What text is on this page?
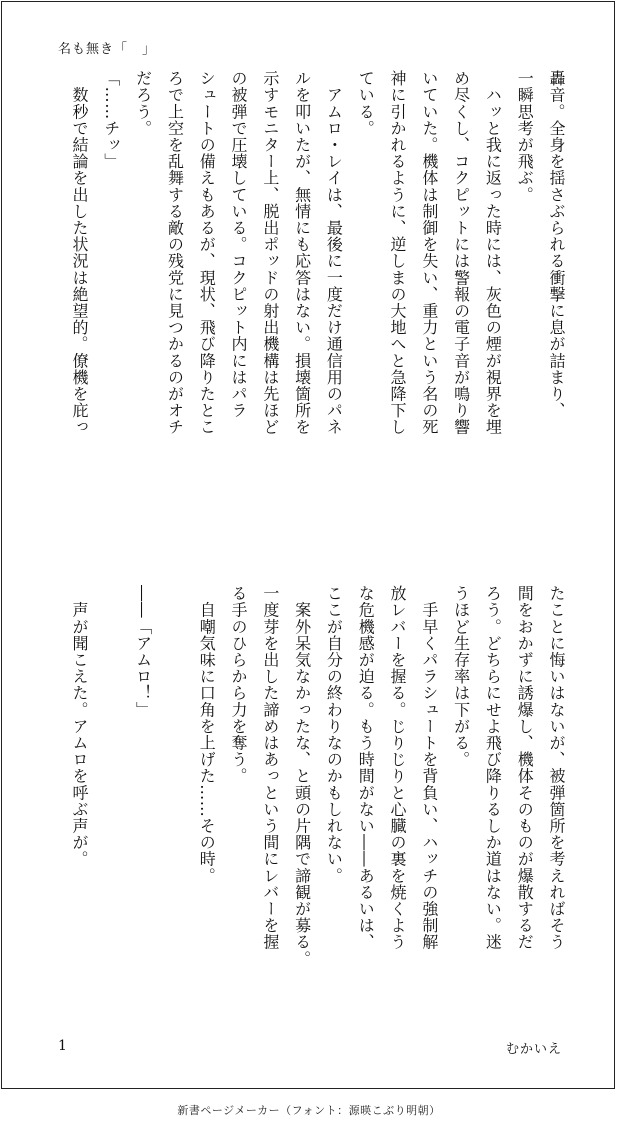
名も無き「　」

轟音。全身を揺さぶられる衝撃に息が詰まり、

一瞬思考が飛ぶ。

　ハッと我に返った時には、灰色の煙が視界を埋

め尽くし、コクピットには警報の電子音が鳴り響

いていた。機体は制御を失い、重力という名の死

神に引かれるように、逆しまの大地へと急降下し

ている。

　アムロ・レイは、最後に一度だけ通信用のパネ

ルを叩いたが、無情にも応答はない。損壊箇所を

示すモニター上、脱出ポッドの射出機構は先ほど

の被弾で圧壊している。コクピット内にはパラ

シュートの備えもあるが、現状、飛び降りたとこ

ろで上空を乱舞する敵の残党に見つかるのがオチ

だろう。

「……チッ」

　数秒で結論を出した状況は絶望的。僚機を庇っ

たことに悔いはないが、被弾箇所を考えればそう

間をおかずに誘爆し、機体そのものが爆散するだ

ろう。どちらにせよ飛び降りるしか道はない。迷

うほど生存率は下がる。

　手早くパラシュートを背負い、ハッチの強制解

放レバーを握る。じりじりと心臓の裏を焼くよう

な危機感が迫る。もう時間がない――あるいは、

ここが自分の終わりなのかもしれない。

　案外呆気なかったな、と頭の片隅で諦観が募る。

一度芽を出した諦めはあっという間にレバーを握

る手のひらから力を奪う。

　自嘲気味に口角を上げた……その時。

――「アムロ！」

　声が聞こえた。アムロを呼ぶ声が。

1	むかいえ
新書ページメーカー（フォント：源暎こぶり明朝）
